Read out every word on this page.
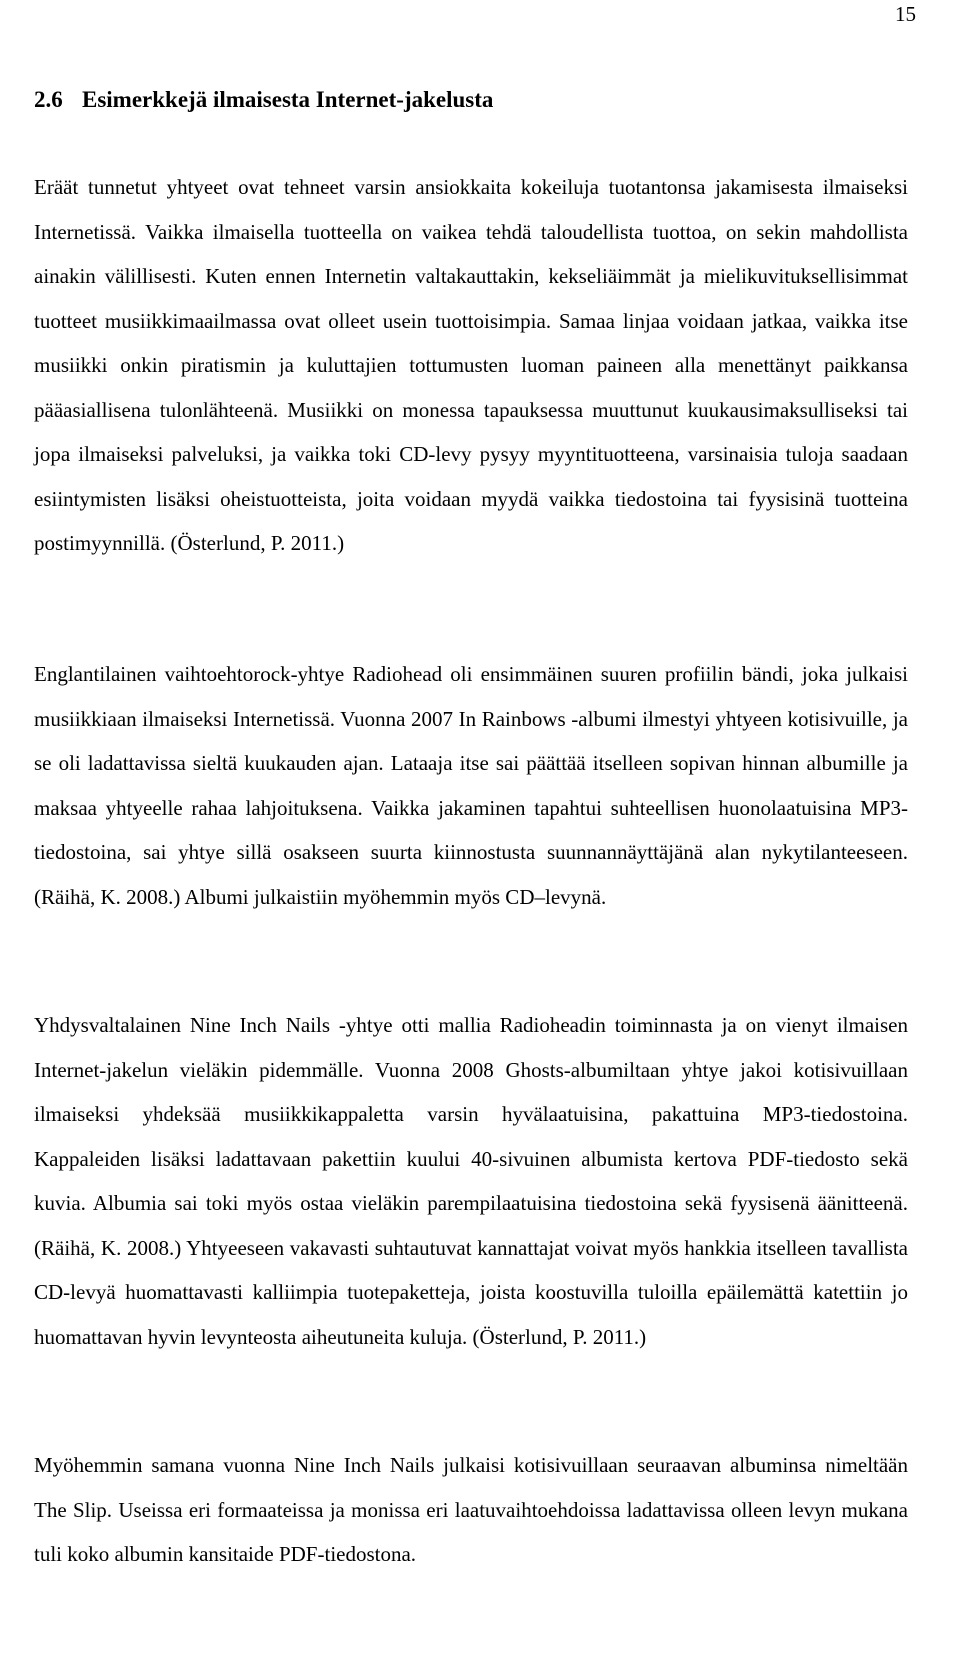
15
2.6 Esimerkkejä ilmaisesta Internet-jakelusta

Eräät tunnetut yhtyeet ovat tehneet varsin ansiokkaita kokeiluja tuotantonsa jakamisesta ilmaiseksi Internetissä. Vaikka ilmaisella tuotteella on vaikea tehdä taloudellista tuottoa, on sekin mahdollista ainakin välillisesti. Kuten ennen Internetin valtakauttakin, kekseliäimmät ja mielikuvituksellisimmat tuotteet musiikkimaailmassa ovat olleet usein tuottoisimpia. Samaa linjaa voidaan jatkaa, vaikka itse musiikki onkin piratismin ja kuluttajien tottumusten luoman paineen alla menettänyt paikkansa pääasiallisena tulonlähteenä. Musiikki on monessa tapauksessa muuttunut kuukausimaksulliseksi tai jopa ilmaiseksi palveluksi, ja vaikka toki CD-levy pysyy myyntituotteena, varsinaisia tuloja saadaan esiintymisten lisäksi oheistuotteista, joita voidaan myydä vaikka tiedostoina tai fyysisinä tuotteina postimyynnillä. (Österlund, P. 2011.)

Englantilainen vaihtoehtorock-yhtye Radiohead oli ensimmäinen suuren profiilin bändi, joka julkaisi musiikkiaan ilmaiseksi Internetissä. Vuonna 2007 In Rainbows -albumi ilmestyi yhtyeen kotisivuille, ja se oli ladattavissa sieltä kuukauden ajan. Lataaja itse sai päättää itselleen sopivan hinnan albumille ja maksaa yhtyeelle rahaa lahjoituksena. Vaikka jakaminen tapahtui suhteellisen huonolaatuisina MP3-tiedostoina, sai yhtye sillä osakseen suurta kiinnostusta suunnannäyttäjänä alan nykytilanteeseen. (Räihä, K. 2008.) Albumi julkaistiin myöhemmin myös CD–levynä.

Yhdysvaltalainen Nine Inch Nails -yhtye otti mallia Radioheadin toiminnasta ja on vienyt ilmaisen Internet-jakelun vieläkin pidemmälle. Vuonna 2008 Ghosts-albumiltaan yhtye jakoi kotisivuillaan ilmaiseksi yhdeksää musiikkikappaletta varsin hyvälaatuisina, pakattuina MP3-tiedostoina. Kappaleiden lisäksi ladattavaan pakettiin kuului 40-sivuinen albumista kertova PDF-tiedosto sekä kuvia. Albumia sai toki myös ostaa vieläkin parempilaatuisina tiedostoina sekä fyysisenä äänitteenä. (Räihä, K. 2008.) Yhtyeeseen vakavasti suhtautuvat kannattajat voivat myös hankkia itselleen tavallista CD-levyä huomattavasti kalliimpia tuotepaketteja, joista koostuvilla tuloilla epäilemättä katettiin jo huomattavan hyvin levynteosta aiheutuneita kuluja. (Österlund, P. 2011.)

Myöhemmin samana vuonna Nine Inch Nails julkaisi kotisivuillaan seuraavan albuminsa nimeltään The Slip. Useissa eri formaateissa ja monissa eri laatuvaihtoehdoissa ladattavissa olleen levyn mukana tuli koko albumin kansitaide PDF-tiedostona.
